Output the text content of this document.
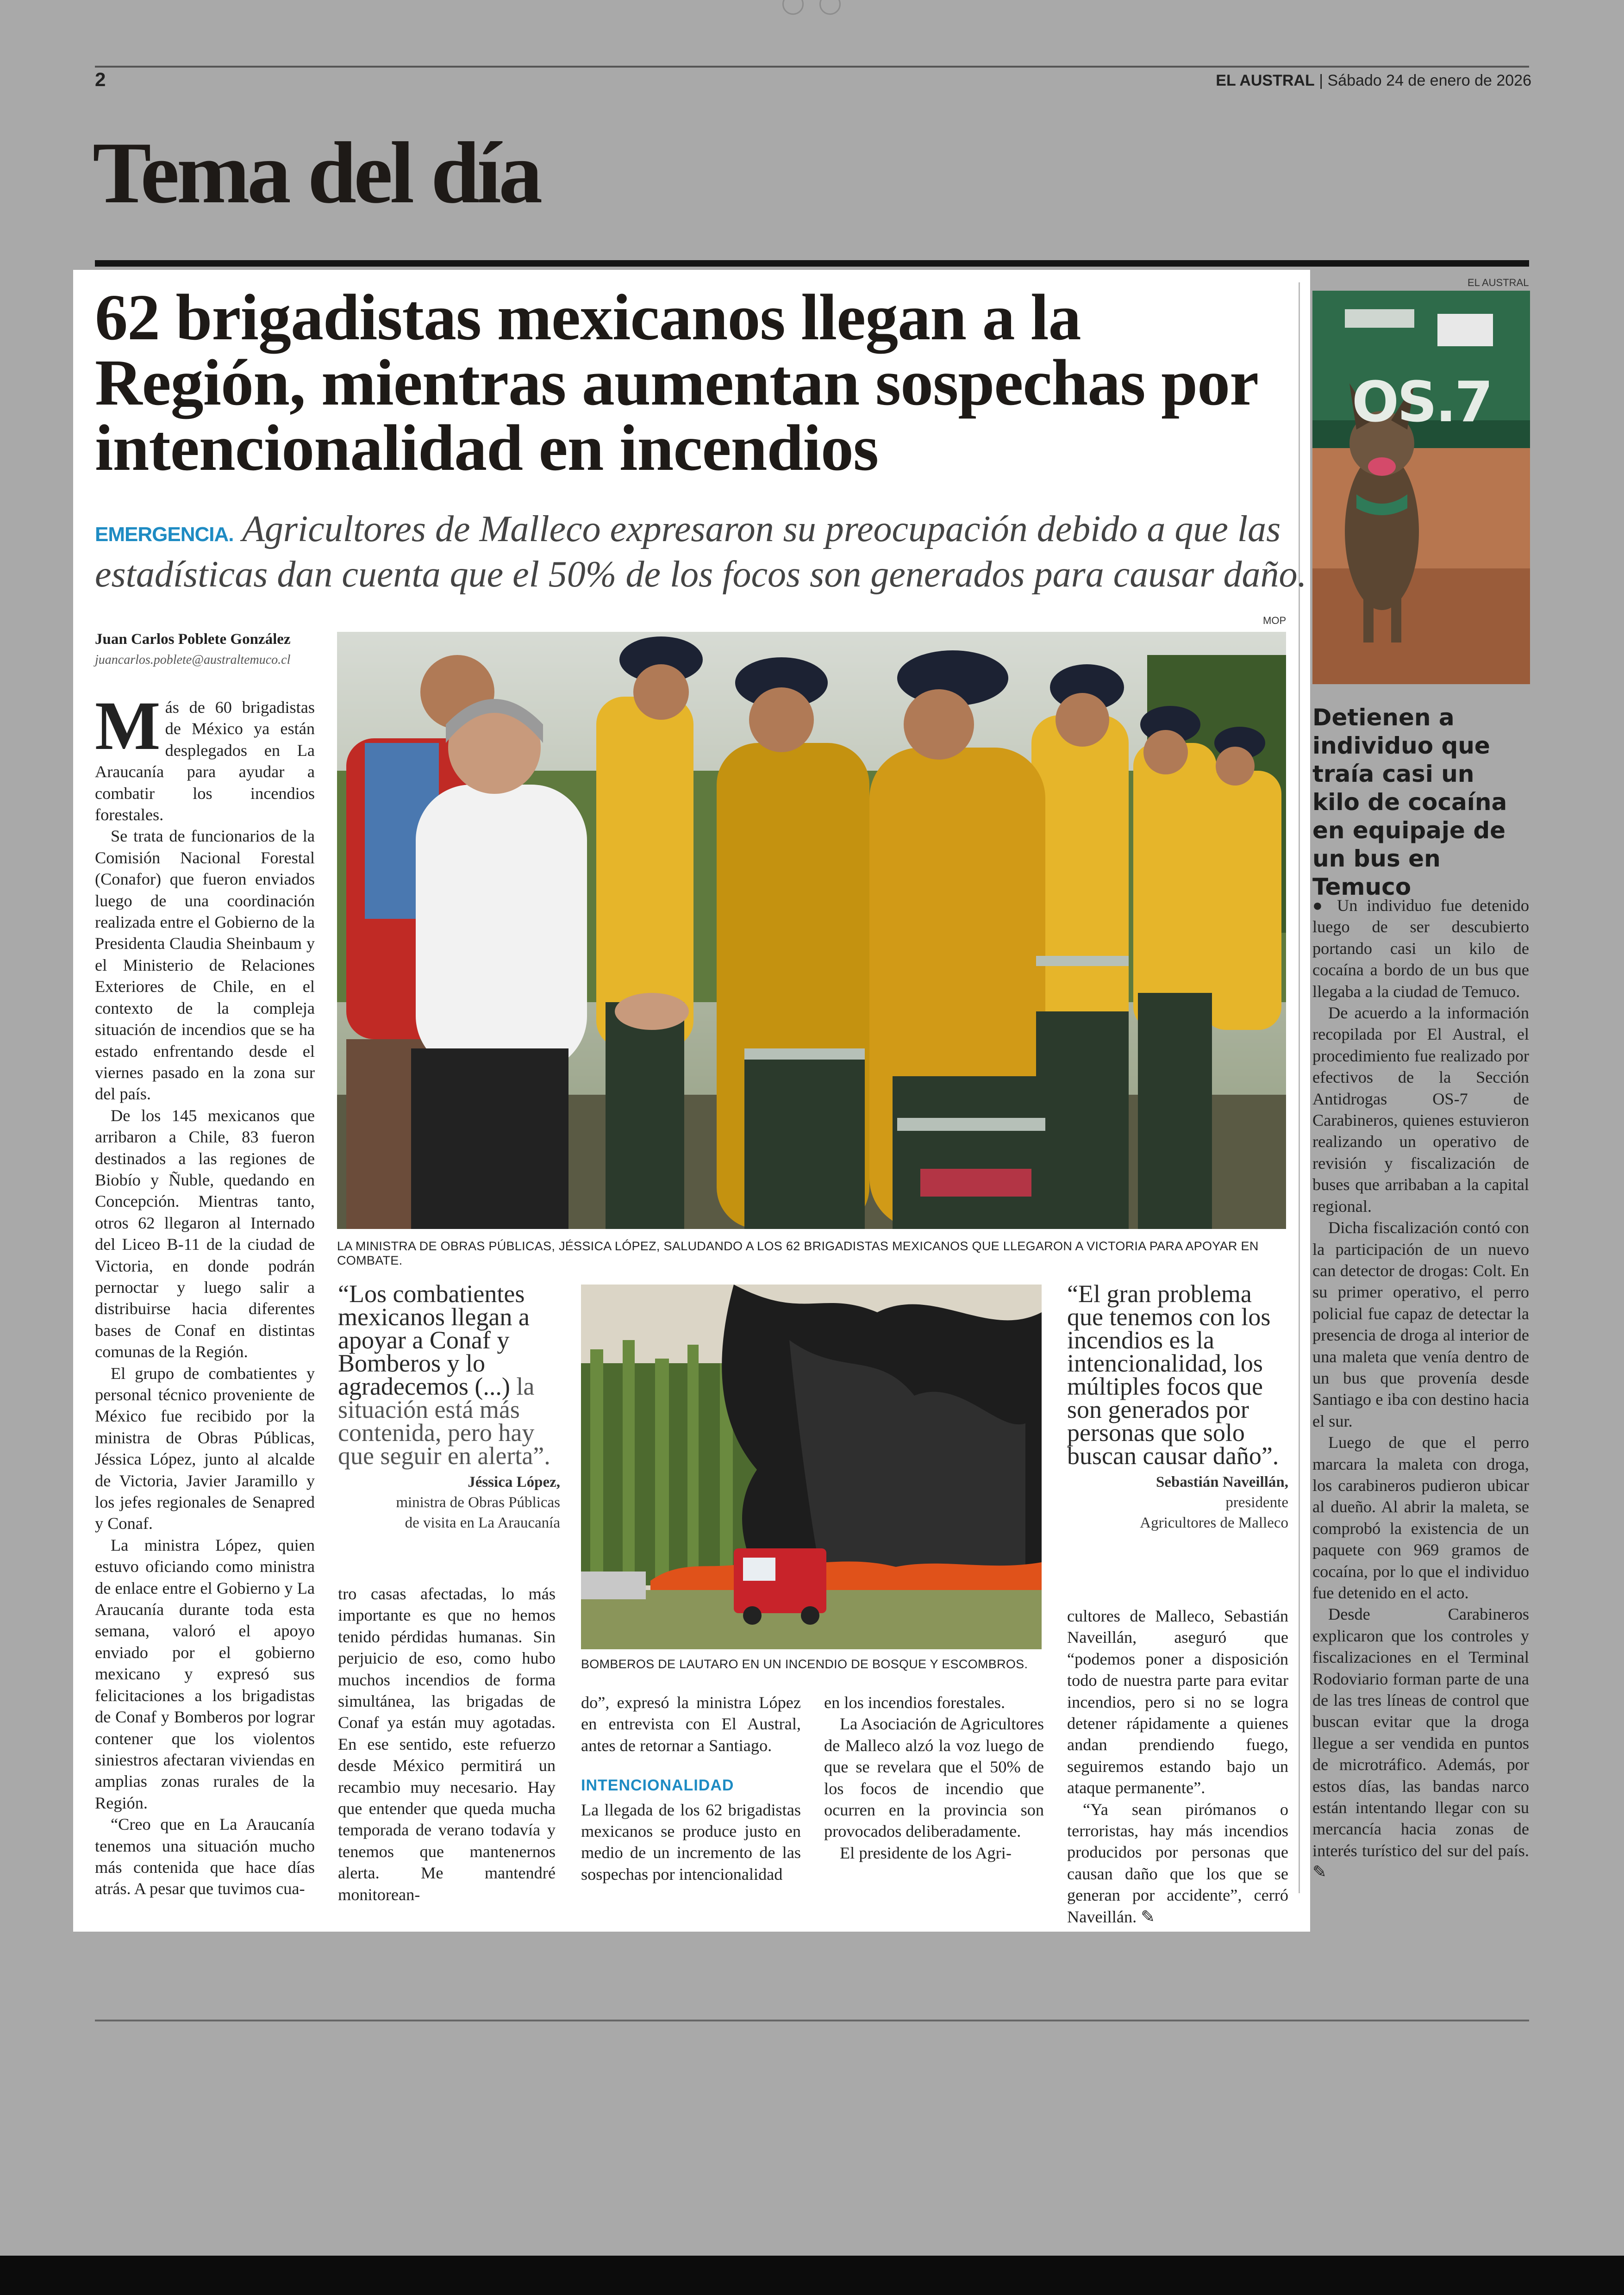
2	EL AUSTRAL | Sábado 24 de enero de 2026
Tema del día
62 brigadistas mexicanos llegan a la Región, mientras aumentan sospechas por intencionalidad en incendios
EMERGENCIA. Agricultores de Malleco expresaron su preocupación debido a que las estadísticas dan cuenta que el 50% de los focos son generados para causar daño.
MOP
Juan Carlos Poblete González
juancarlos.poblete@australtemuco.cl
LA MINISTRA DE OBRAS PÚBLICAS, JÉSSICA LÓPEZ, SALUDANDO A LOS 62 BRIGADISTAS MEXICANOS QUE LLEGARON A VICTORIA PARA APOYAR EN COMBATE.

Más de 60 brigadistas de México ya están desplegados en La Araucanía para ayudar a combatir los incendios forestales.

Se trata de funcionarios de la Comisión Nacional Forestal (Conafor) que fueron enviados luego de una coordinación realizada entre el Gobierno de la Presidenta Claudia Sheinbaum y el Ministerio de Relaciones Exteriores de Chile, en el contexto de la compleja situación de incendios que se ha estado enfrentando desde el viernes pasado en la zona sur del país.

De los 145 mexicanos que arribaron a Chile, 83 fueron destinados a las regiones de Biobío y Ñuble, quedando en Concepción. Mientras tanto, otros 62 llegaron al Internado del Liceo B-11 de la ciudad de Victoria, en donde podrán pernoctar y luego salir a distribuirse hacia diferentes bases de Conaf en distintas comunas de la Región.

El grupo de combatientes y personal técnico proveniente de México fue recibido por la ministra de Obras Públicas, Jéssica López, junto al alcalde de Victoria, Javier Jaramillo y los jefes regionales de Senapred y Conaf.

La ministra López, quien estuvo oficiando como ministra de enlace entre el Gobierno y La Araucanía durante toda esta semana, valoró el apoyo enviado por el gobierno mexicano y expresó sus felicitaciones a los brigadistas de Conaf y Bomberos por lograr contener que los violentos siniestros afectaran viviendas en amplias zonas rurales de la Región.

“Creo que en La Araucanía tenemos una situación mucho más contenida que hace días atrás. A pesar que tuvimos cua-

“Los combatientes mexicanos llegan a apoyar a Conaf y Bomberos y lo agradecemos (...) la situación está más contenida, pero hay que seguir en alerta”.
Jéssica López,
ministra de Obras Públicas
de visita en La Araucanía
BOMBEROS DE LAUTARO EN UN INCENDIO DE BOSQUE Y ESCOMBROS.
“El gran problema que tenemos con los incendios es la intencionalidad, los múltiples focos que son generados por personas que solo buscan causar daño”.
Sebastián Naveillán,
presidente
Agricultores de Malleco

tro casas afectadas, lo más importante es que no hemos tenido pérdidas humanas. Sin perjuicio de eso, como hubo muchos incendios de forma simultánea, las brigadas de Conaf ya están muy agotadas. En ese sentido, este refuerzo desde México permitirá un recambio muy necesario. Hay que entender que queda mucha temporada de verano todavía y tenemos que mantenernos alerta. Me mantendré monitorean-

do”, expresó la ministra López en entrevista con El Austral, antes de retornar a Santiago.

INTENCIONALIDAD

La llegada de los 62 brigadistas mexicanos se produce justo en medio de un incremento de las sospechas por intencionalidad

en los incendios forestales.

La Asociación de Agricultores de Malleco alzó la voz luego de que se revelara que el 50% de los focos de incendio que ocurren en la provincia son provocados deliberadamente.

El presidente de los Agri-

cultores de Malleco, Sebastián Naveillán, aseguró que “podemos poner a disposición todo de nuestra parte para evitar incendios, pero si no se logra detener rápidamente a quienes andan prendiendo fuego, seguiremos estando bajo un ataque permanente”.

“Ya sean pirómanos o terroristas, hay más incendios producidos por personas que causan daño que los que se generan por accidente”, cerró Naveillán. ✎

EL AUSTRAL
OS.7
Detienen a individuo que traía casi un kilo de cocaína en equipaje de un bus en Temuco

● Un individuo fue detenido luego de ser descubierto portando casi un kilo de cocaína a bordo de un bus que llegaba a la ciudad de Temuco.

De acuerdo a la información recopilada por El Austral, el procedimiento fue realizado por efectivos de la Sección Antidrogas OS-7 de Carabineros, quienes estuvieron realizando un operativo de revisión y fiscalización de buses que arribaban a la capital regional.

Dicha fiscalización contó con la participación de un nuevo can detector de drogas: Colt. En su primer operativo, el perro policial fue capaz de detectar la presencia de droga al interior de una maleta que venía dentro de un bus que provenía desde Santiago e iba con destino hacia el sur.

Luego de que el perro marcara la maleta con droga, los carabineros pudieron ubicar al dueño. Al abrir la maleta, se comprobó la existencia de un paquete con 969 gramos de cocaína, por lo que el individuo fue detenido en el acto.

Desde Carabineros explicaron que los controles y fiscalizaciones en el Terminal Rodoviario forman parte de una de las tres líneas de control que buscan evitar que la droga llegue a ser vendida en puntos de microtráfico. Además, por estos días, las bandas narco están intentando llegar con su mercancía hacia zonas de interés turístico del sur del país. ✎
